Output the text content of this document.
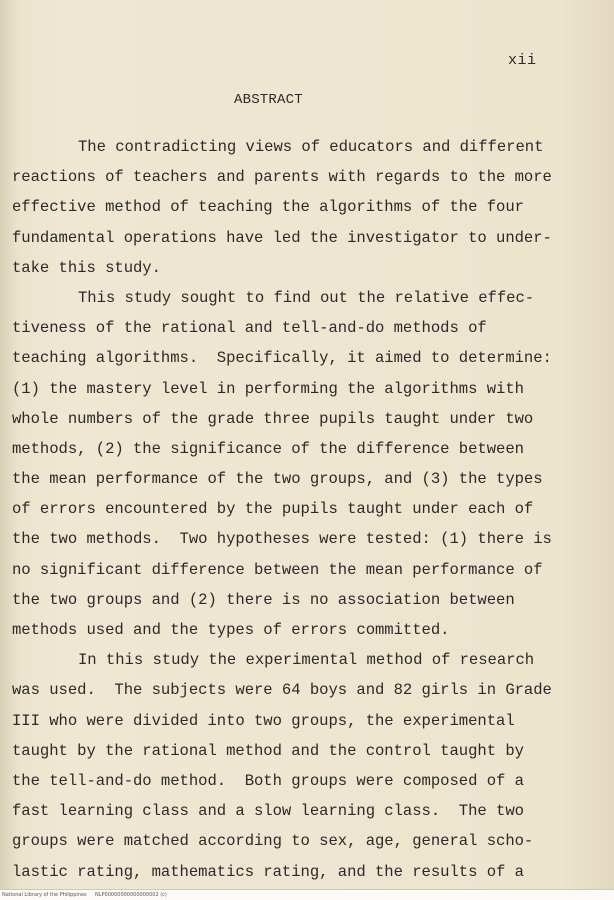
xii
ABSTRACT
The contradicting views of educators and different
reactions of teachers and parents with regards to the more
effective method of teaching the algorithms of the four
fundamental operations have led the investigator to under-
take this study.
This study sought to find out the relative effec-
tiveness of the rational and tell-and-do methods of
teaching algorithms.  Specifically, it aimed to determine:
(1) the mastery level in performing the algorithms with
whole numbers of the grade three pupils taught under two
methods, (2) the significance of the difference between
the mean performance of the two groups, and (3) the types
of errors encountered by the pupils taught under each of
the two methods.  Two hypotheses were tested: (1) there is
no significant difference between the mean performance of
the two groups and (2) there is no association between
methods used and the types of errors committed.
In this study the experimental method of research
was used.  The subjects were 64 boys and 82 girls in Grade
III who were divided into two groups, the experimental
taught by the rational method and the control taught by
the tell-and-do method.  Both groups were composed of a
fast learning class and a slow learning class.  The two
groups were matched according to sex, age, general scho-
lastic rating, mathematics rating, and the results of a
National Library of the Philippines NLP00000000000000002 (c)
